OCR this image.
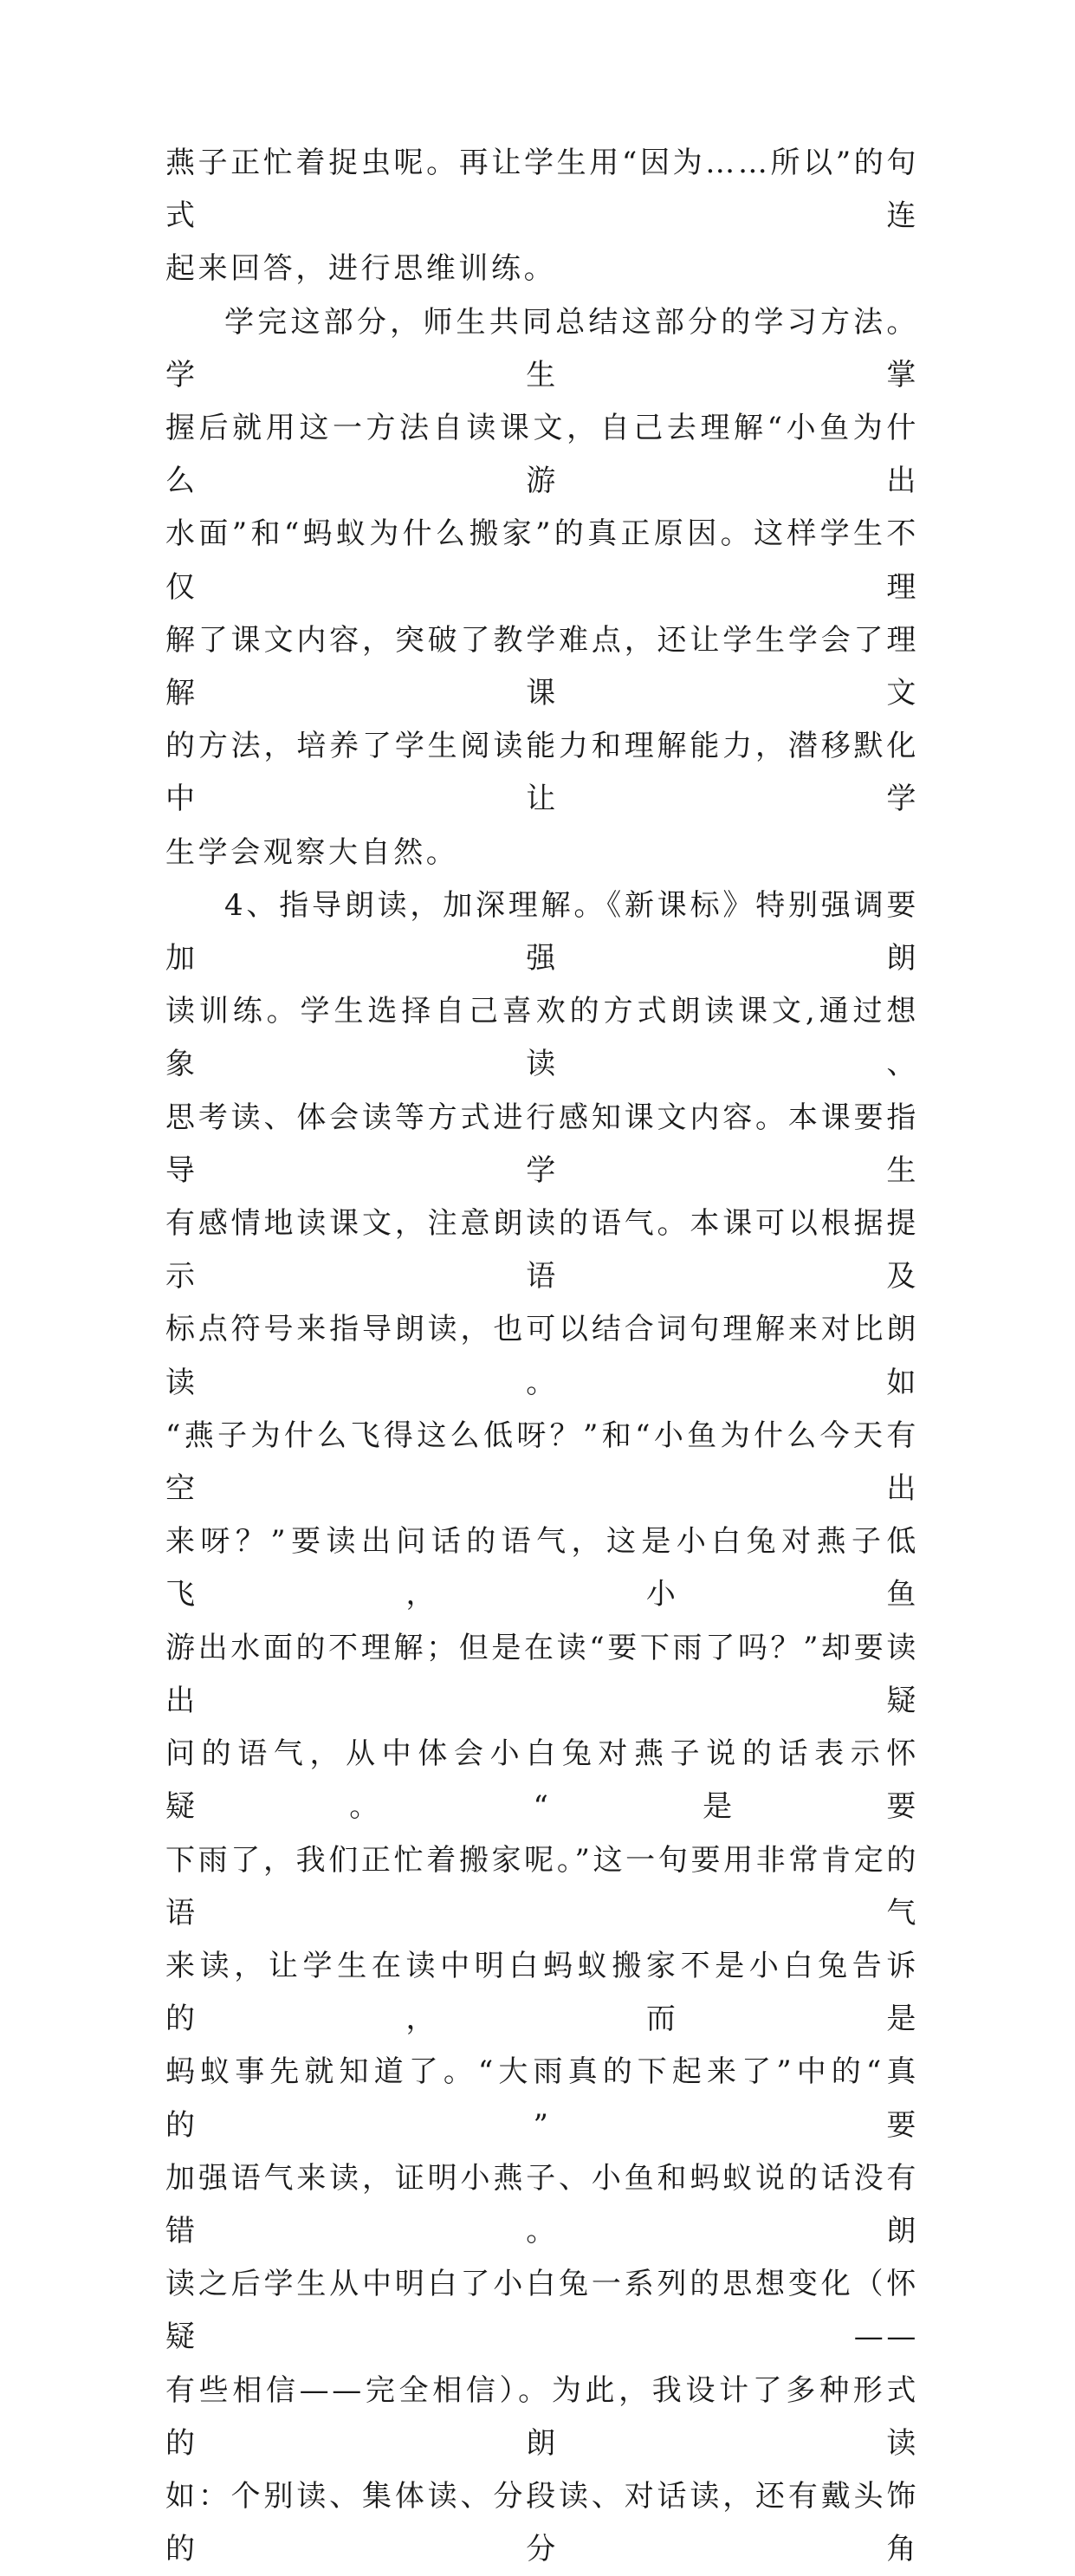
燕子正忙着捉虫呢。再让学生用“因为……所以”的句式连
起来回答，进行思维训练。
学完这部分，师生共同总结这部分的学习方法。学生掌
握后就用这一方法自读课文，自己去理解“小鱼为什么游出
水面”和“蚂蚁为什么搬家”的真正原因。这样学生不仅理
解了课文内容，突破了教学难点，还让学生学会了理解课文
的方法，培养了学生阅读能力和理解能力，潜移默化中让学
生学会观察大自然。
4、指导朗读，加深理解。《新课标》特别强调要加强朗
读训练。学生选择自己喜欢的方式朗读课文,通过想象读、
思考读、体会读等方式进行感知课文内容。本课要指导学生
有感情地读课文，注意朗读的语气。本课可以根据提示语及
标点符号来指导朗读，也可以结合词句理解来对比朗读。如
“燕子为什么飞得这么低呀？”和“小鱼为什么今天有空出
来呀？”要读出问话的语气，这是小白兔对燕子低飞，小鱼
游出水面的不理解；但是在读“要下雨了吗？”却要读出疑
问的语气，从中体会小白兔对燕子说的话表示怀疑。“是要
下雨了，我们正忙着搬家呢。”这一句要用非常肯定的语气
来读，让学生在读中明白蚂蚁搬家不是小白兔告诉的，而是
蚂蚁事先就知道了。“大雨真的下起来了”中的“真的”要
加强语气来读，证明小燕子、小鱼和蚂蚁说的话没有错。朗
读之后学生从中明白了小白兔一系列的思想变化（怀疑——
有些相信——完全相信）。为此，我设计了多种形式的朗读
如：个别读、集体读、分段读、对话读，还有戴头饰的分角
